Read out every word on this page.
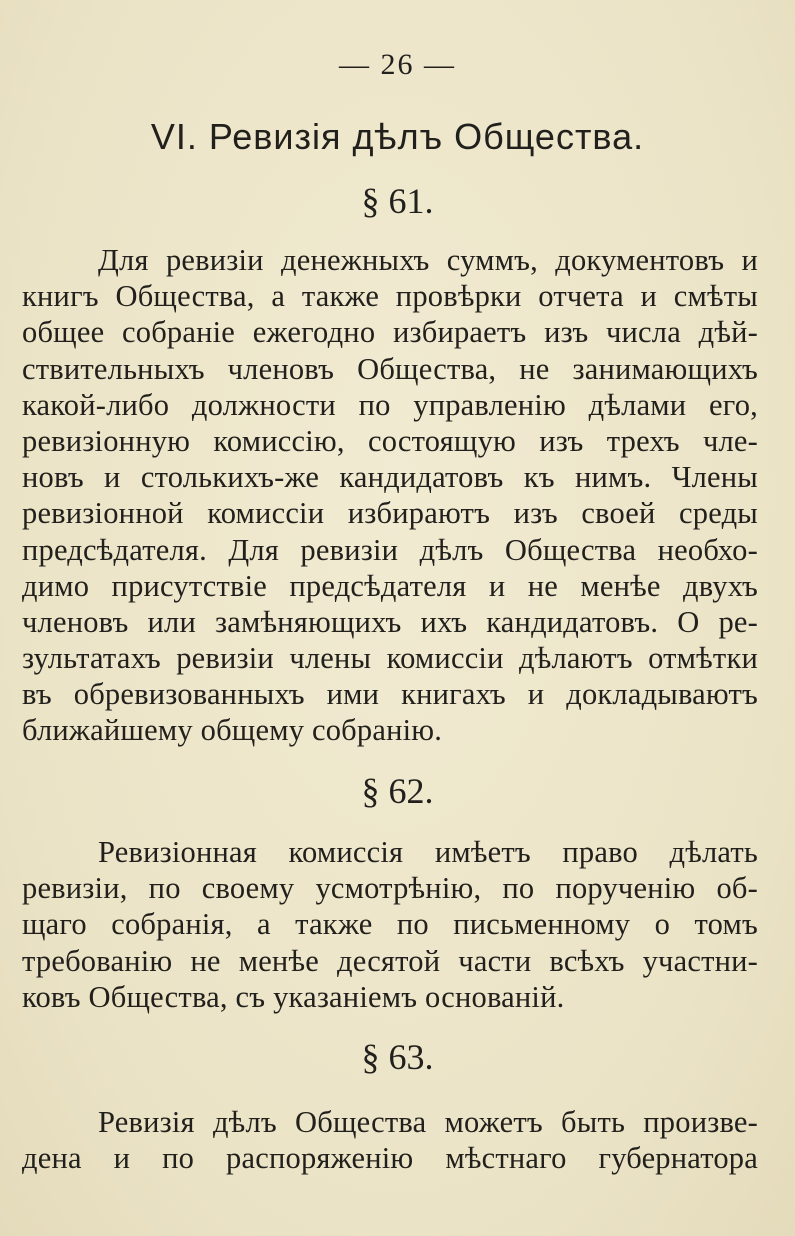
— 26 —
VI. Ревизія дѣлъ Общества.
§ 61.
Для ревизіи денежныхъ суммъ, документовъ и
книгъ Общества, а также провѣрки отчета и смѣты
общее собраніе ежегодно избираетъ изъ числа дѣй-
ствительныхъ членовъ Общества, не занимающихъ
какой-либо должности по управленію дѣлами его,
ревизіонную комиссію, состоящую изъ трехъ чле-
новъ и столькихъ-же кандидатовъ къ нимъ. Члены
ревизіонной комиссіи избираютъ изъ своей среды
предсѣдателя. Для ревизіи дѣлъ Общества необхо-
димо присутствіе предсѣдателя и не менѣе двухъ
членовъ или замѣняющихъ ихъ кандидатовъ. О ре-
зультатахъ ревизіи члены комиссіи дѣлаютъ отмѣтки
въ обревизованныхъ ими книгахъ и докладываютъ
ближайшему общему собранію.
§ 62.
Ревизіонная комиссія имѣетъ право дѣлать
ревизіи, по своему усмотрѣнію, по порученію об-
щаго собранія, а также по письменному о томъ
требованію не менѣе десятой части всѣхъ участни-
ковъ Общества, съ указаніемъ основаній.
§ 63.
Ревизія дѣлъ Общества можетъ быть произве-
дена и по распоряженію мѣстнаго губернатора
